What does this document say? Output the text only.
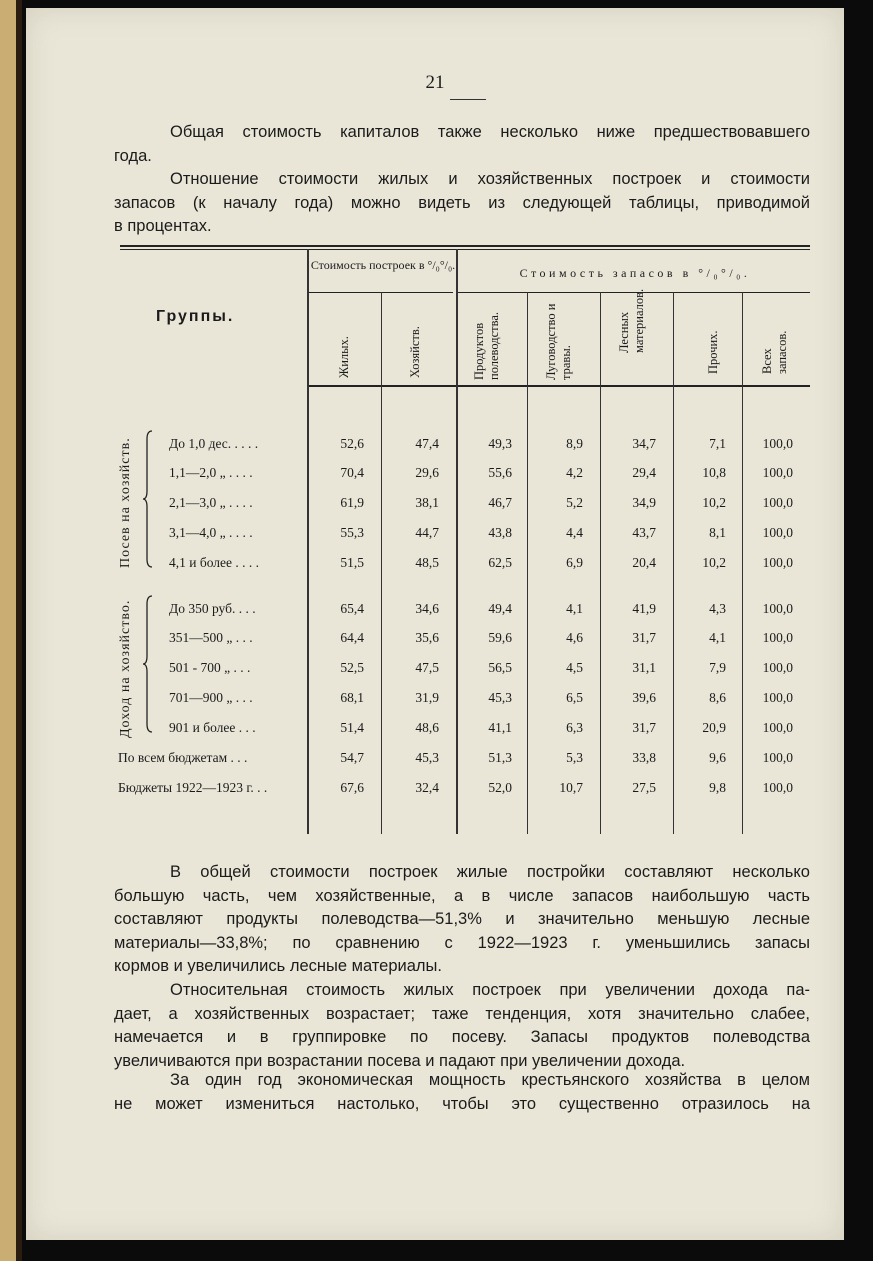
21
Общая стоимость капиталов также несколько ниже предшествовавшего
года.
Отношение стоимости жилых и хозяйственных построек и стоимости
запасов (к началу года) можно видеть из следующей таблицы, приводимой
в процентах.
Группы.
Стоимость построек в °/₀°/₀.
Стоимость запасов в °/₀°/₀.
Жилых.	Хозяйств.	Продуктов полеводства.	Луговодство и травы.
Лесных материалов.	Прочих.	Всех запасов.
Посев на хозяйств.
Доход на хозяйство.
До 1,0 дес. . . . .	52,6	47,4	49,3	8,9	34,7	7,1	100,0
1,1—2,0 „ . . . .	70,4	29,6	55,6	4,2	29,4	10,8	100,0
2,1—3,0 „ . . . .	61,9	38,1	46,7	5,2	34,9	10,2	100,0
3,1—4,0 „ . . . .	55,3	44,7	43,8	4,4	43,7	8,1	100,0
4,1 и более . . . .	51,5	48,5	62,5	6,9	20,4	10,2	100,0
До 350 руб. . . .	65,4	34,6	49,4	4,1	41,9	4,3	100,0
351—500 „ . . .	64,4	35,6	59,6	4,6	31,7	4,1	100,0
501 - 700 „ . . .	52,5	47,5	56,5	4,5	31,1	7,9	100,0
701—900 „ . . .	68,1	31,9	45,3	6,5	39,6	8,6	100,0
901 и более . . .	51,4	48,6	41,1	6,3	31,7	20,9	100,0
По всем бюджетам . . .	54,7	45,3	51,3	5,3	33,8	9,6	100,0
Бюджеты 1922—1923 г. . .	67,6	32,4	52,0	10,7	27,5	9,8	100,0
В общей стоимости построек жилые постройки составляют несколько
большую часть, чем хозяйственные, а в числе запасов наибольшую часть
составляют продукты полеводства—51,3% и значительно меньшую лесные
материалы—33,8%; по сравнению с 1922—1923 г. уменьшились запасы
кормов и увеличились лесные материалы.
Относительная стоимость жилых построек при увеличении дохода па-
дает, а хозяйственных возрастает; таже тенденция, хотя значительно слабее,
намечается и в группировке по посеву. Запасы продуктов полеводства
увеличиваются при возрастании посева и падают при увеличении дохода.
За один год экономическая мощность крестьянского хозяйства в целом
не может измениться настолько, чтобы это существенно отразилось на
